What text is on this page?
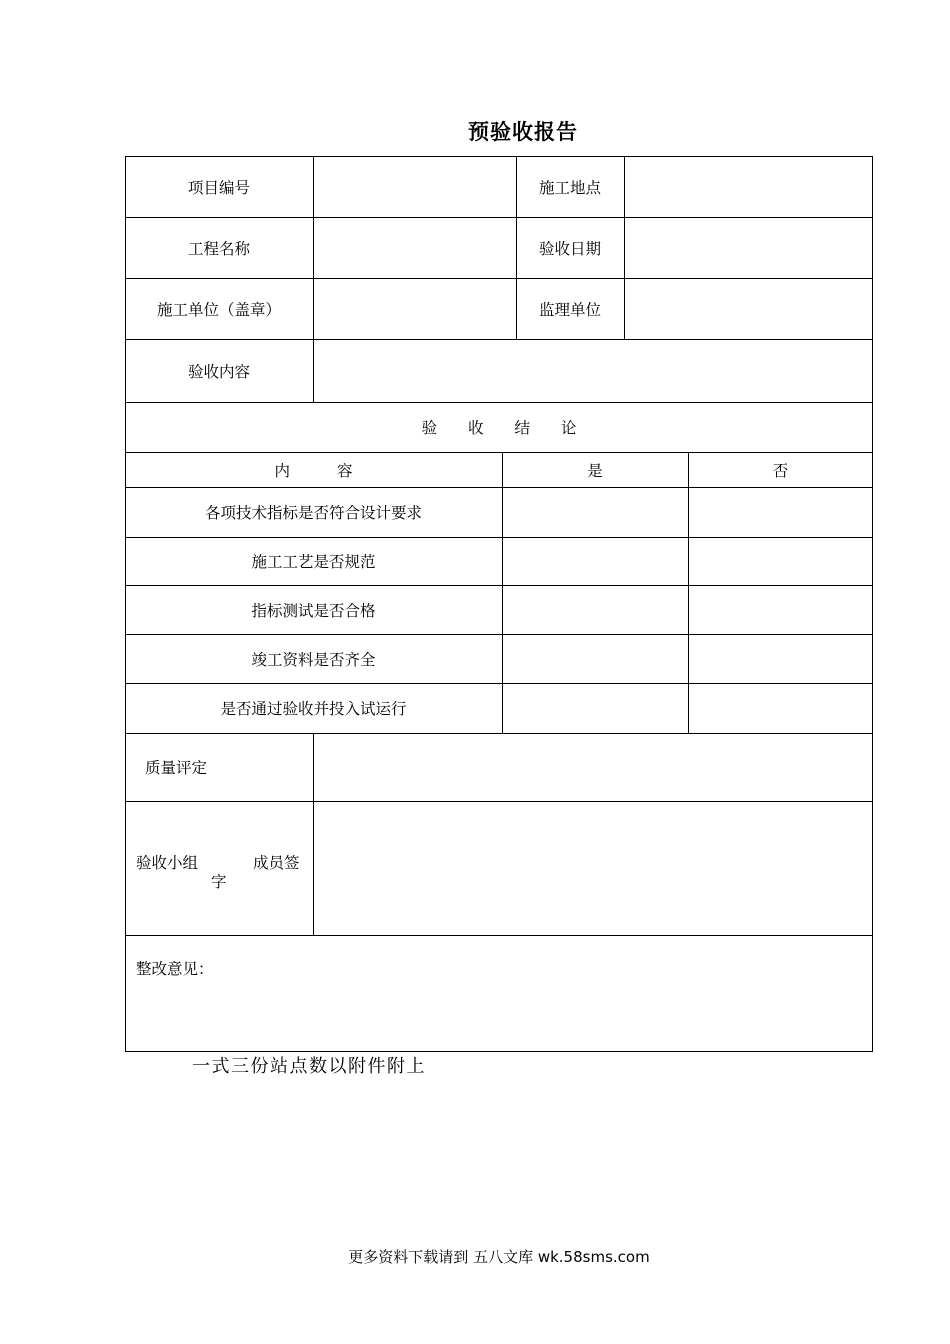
预验收报告
项目编号	施工地点
工程名称	验收日期
施工单位（盖章）	监理单位
验收内容
验 收 结 论
内 容	是	否
各项技术指标是否符合设计要求
施工工艺是否规范
指标测试是否合格
竣工资料是否齐全
是否通过验收并投入试运行
质量评定
验收小组	成员签
字
整改意见：
一式三份站点数以附件附上
更多资料下载请到 五八文库 wk.58sms.com
